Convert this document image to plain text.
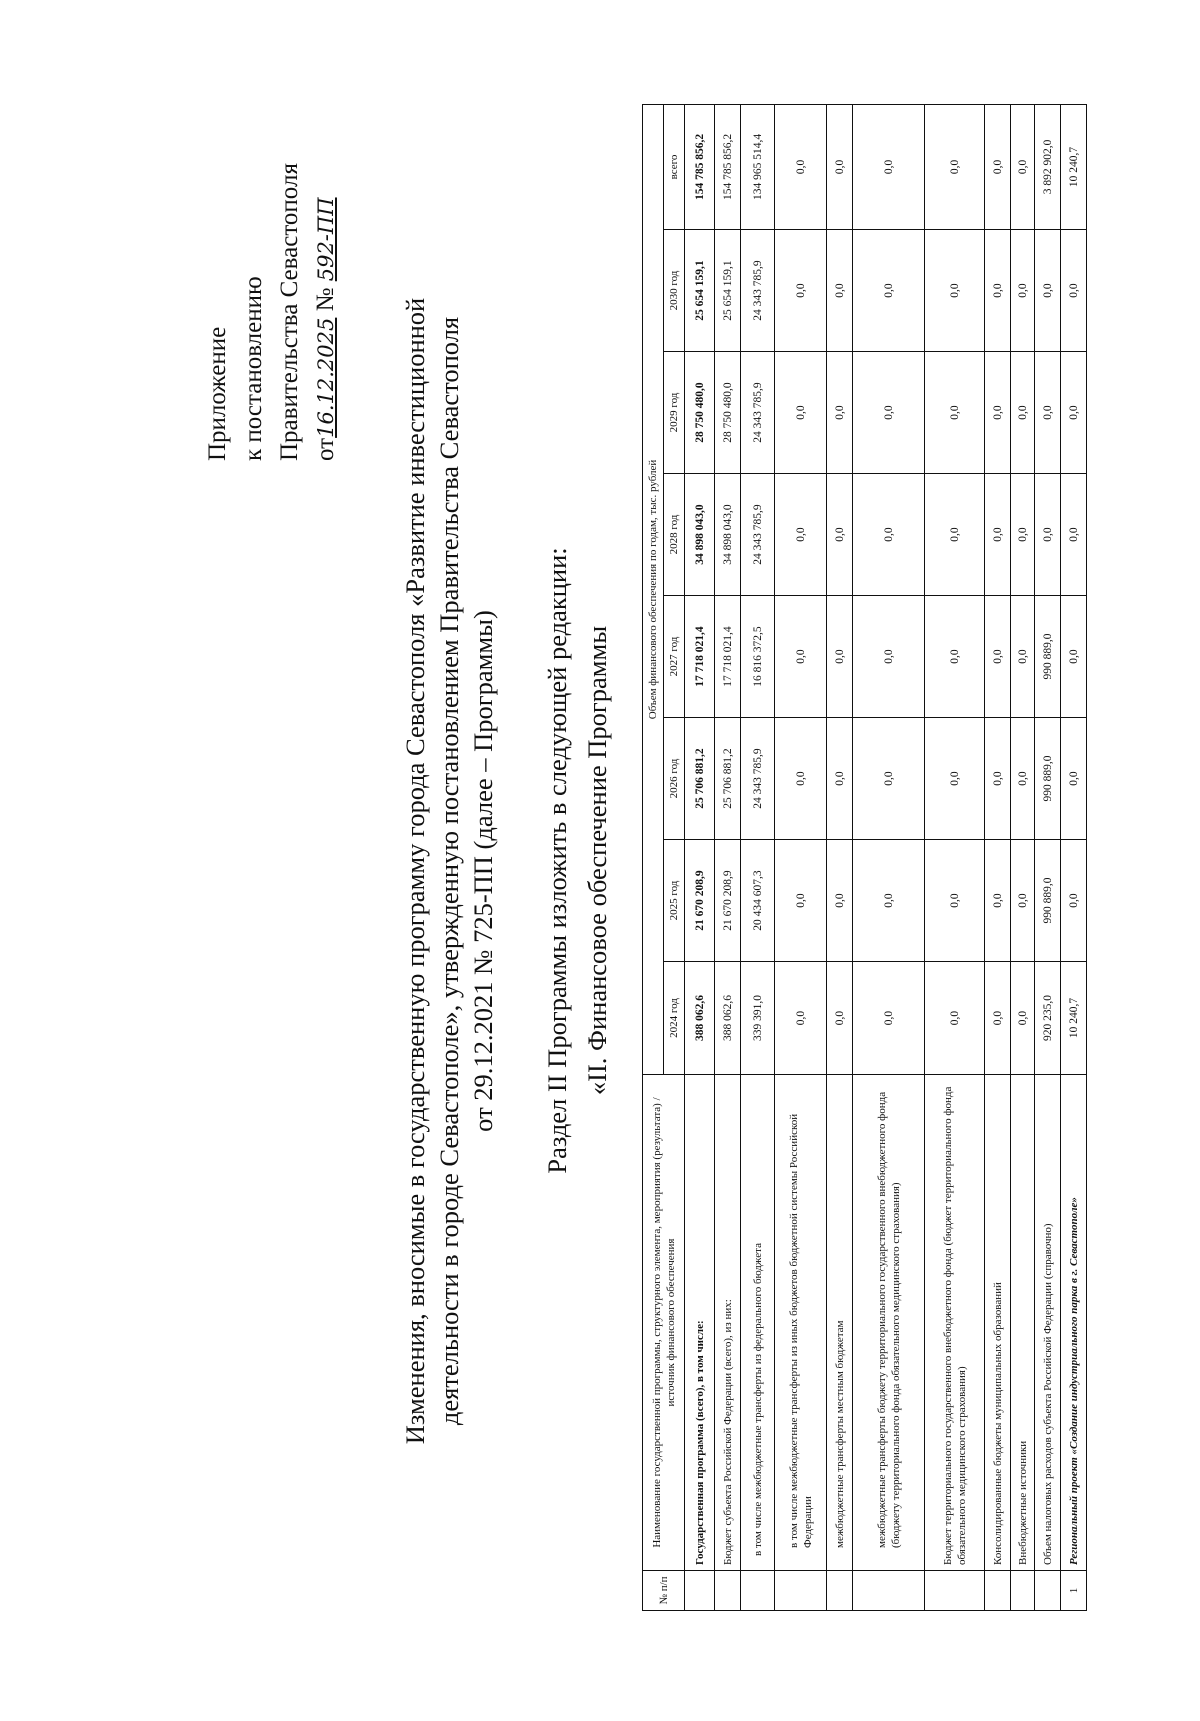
Приложение к постановлению Правительства Севастополя от16.12.2025 № 592-ПП
Изменения, вносимые в государственную программу города Севастополя «Развитие инвестиционной деятельности в городе Севастополе», утвержденную постановлением Правительства Севастополя от 29.12.2021 № 725-ПП (далее – Программы) Раздел II Программы изложить в следующей редакции: «II. Финансовое обеспечение Программы
№ п/п	Наименование государственной программы, структурного элемента, мероприятия (результата) / источник финансового обеспечения	Объем финансового обеспечения по годам, тыс. рублей							
		2024 год	2025 год	2026 год	2027 год	2028 год	2029 год	2030 год	всего
	Государственная программа (всего), в том числе:	388 062,6	21 670 208,9	25 706 881,2	17 718 021,4	34 898 043,0	28 750 480,0	25 654 159,1	154 785 856,2
	Бюджет субъекта Российской Федерации (всего), из них:	388 062,6	21 670 208,9	25 706 881,2	17 718 021,4	34 898 043,0	28 750 480,0	25 654 159,1	154 785 856,2
	в том числе межбюджетные трансферты из федерального бюджета	339 391,0	20 434 607,3	24 343 785,9	16 816 372,5	24 343 785,9	24 343 785,9	24 343 785,9	134 965 514,4
	в том числе межбюджетные трансферты из иных бюджетов бюджетной системы Российской Федерации	0,0	0,0	0,0	0,0	0,0	0,0	0,0	0,0
	межбюджетные трансферты местным бюджетам	0,0	0,0	0,0	0,0	0,0	0,0	0,0	0,0
	межбюджетные трансферты бюджету территориального государственного внебюджетного фонда (бюджету территориального фонда обязательного медицинского страхования)	0,0	0,0	0,0	0,0	0,0	0,0	0,0	0,0
	Бюджет территориального государственного внебюджетного фонда (бюджет территориального фонда обязательного медицинского страхования)	0,0	0,0	0,0	0,0	0,0	0,0	0,0	0,0
	Консолидированные бюджеты муниципальных образований	0,0	0,0	0,0	0,0	0,0	0,0	0,0	0,0
	Внебюджетные источники	0,0	0,0	0,0	0,0	0,0	0,0	0,0	0,0
	Объем налоговых расходов субъекта Российской Федерации (справочно)	920 235,0	990 889,0	990 889,0	990 889,0	0,0	0,0	0,0	3 892 902,0
1	Региональный проект «Создание индустриального парка в г. Севастополе»	10 240,7	0,0	0,0	0,0	0,0	0,0	0,0	10 240,7
